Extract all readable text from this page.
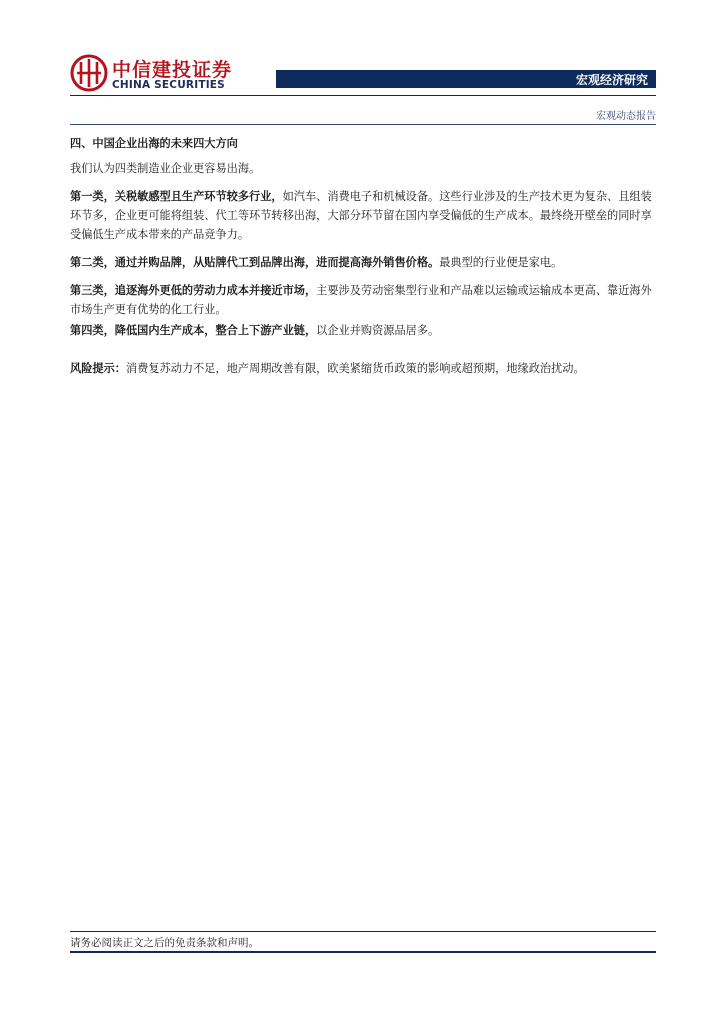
中信建投证券
CHINA SECURITIES	宏观经济研究
宏观动态报告
四、中国企业出海的未来四大方向

我们认为四类制造业企业更容易出海。

第一类，关税敏感型且生产环节较多行业，如汽车、消费电子和机械设备。这些行业涉及的生产技术更为复杂、且组装环节多，企业更可能将组装、代工等环节转移出海，大部分环节留在国内享受偏低的生产成本。最终绕开壁垒的同时享受偏低生产成本带来的产品竞争力。

第二类，通过并购品牌，从贴牌代工到品牌出海，进而提高海外销售价格。最典型的行业便是家电。

第三类，追逐海外更低的劳动力成本并接近市场，主要涉及劳动密集型行业和产品难以运输或运输成本更高、靠近海外市场生产更有优势的化工行业。

第四类，降低国内生产成本，整合上下游产业链，以企业并购资源品居多。

风险提示：消费复苏动力不足，地产周期改善有限，欧美紧缩货币政策的影响或超预期，地缘政治扰动。

请务必阅读正文之后的免责条款和声明。
